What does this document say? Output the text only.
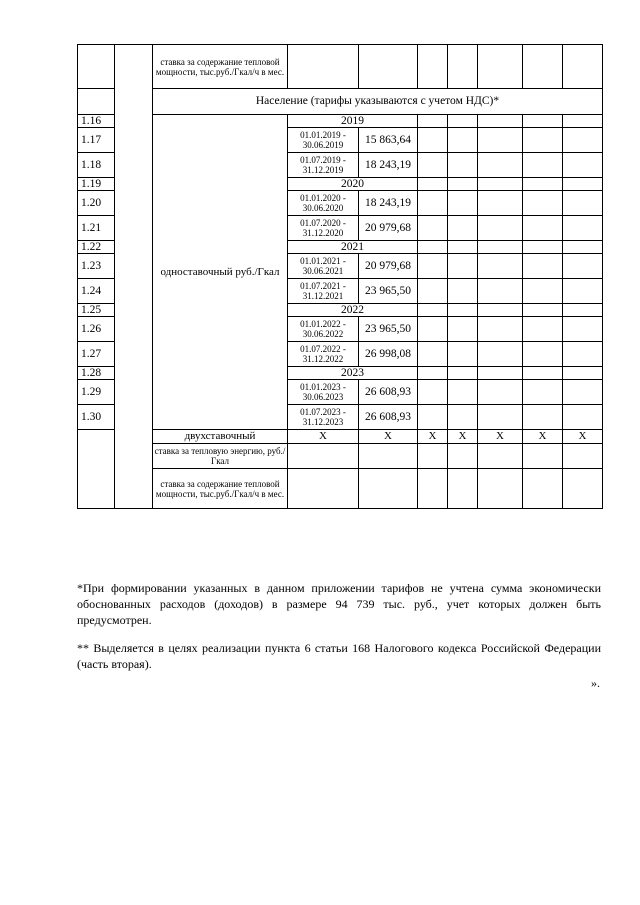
		ставка за содержание тепловой мощности, тыс.руб./Гкал/ч в мес.							
		Население (тарифы указываются с учетом НДС)*							
1.16		одноставочный руб./Гкал	2019						
1.17			01.01.2019 - 30.06.2019	15 863,64					
1.18			01.07.2019 - 31.12.2019	18 243,19					
1.19			2020						
1.20			01.01.2020 - 30.06.2020	18 243,19					
1.21			01.07.2020 - 31.12.2020	20 979,68					
1.22			2021						
1.23			01.01.2021 - 30.06.2021	20 979,68					
1.24			01.07.2021 - 31.12.2021	23 965,50					
1.25			2022						
1.26			01.01.2022 - 30.06.2022	23 965,50					
1.27			01.07.2022 - 31.12.2022	26 998,08					
1.28			2023						
1.29			01.01.2023 - 30.06.2023	26 608,93					
1.30			01.07.2023 - 31.12.2023	26 608,93					
		двухставочный	X	X	X	X	X	X	X
		ставка за тепловую энергию, руб./Гкал							
		ставка за содержание тепловой мощности, тыс.руб./Гкал/ч в мес.							
*При формировании указанных в данном приложении тарифов не учтена сумма экономически обоснованных расходов (доходов) в размере 94 739 тыс. руб., учет которых должен быть предусмотрен.
** Выделяется в целях реализации пункта 6 статьи 168 Налогового кодекса Российской Федерации (часть вторая).
».
